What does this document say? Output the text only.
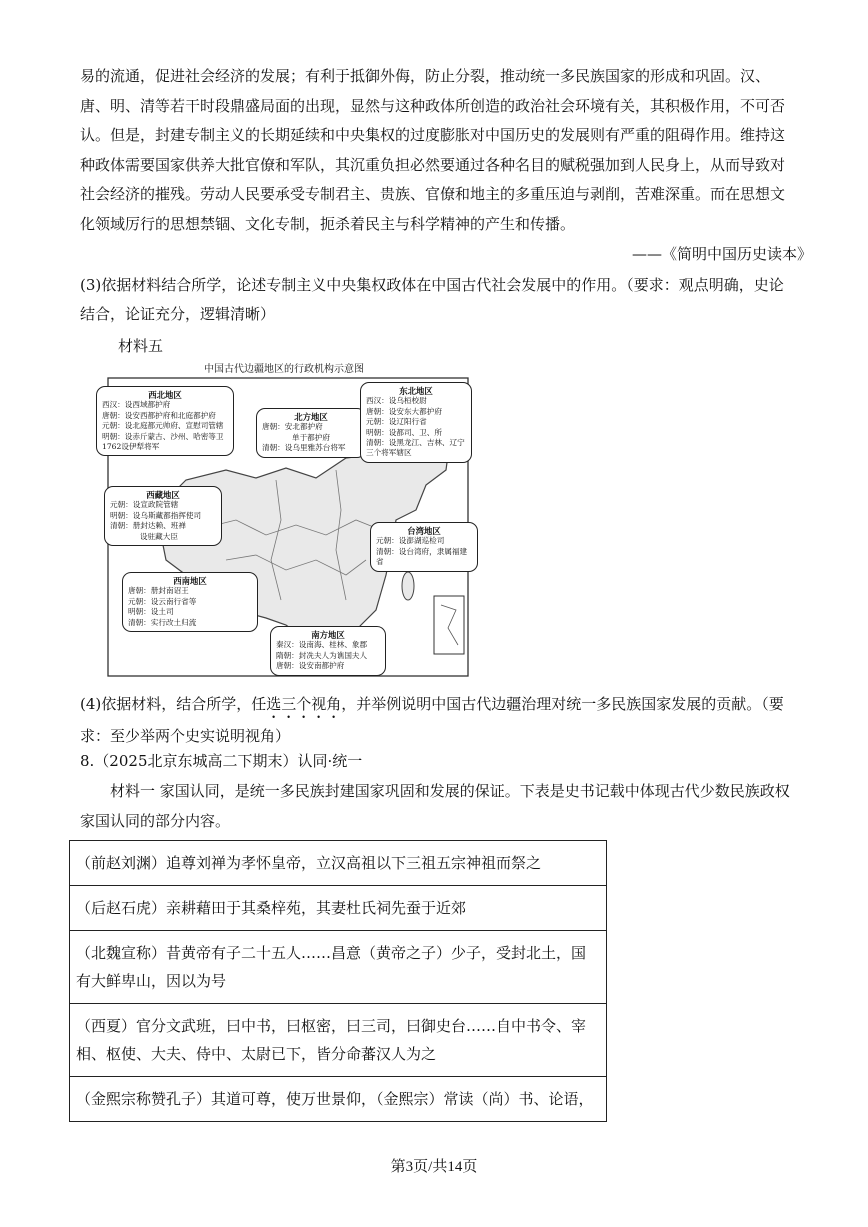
易的流通，促进社会经济的发展；有利于抵御外侮，防止分裂，推动统一多民族国家的形成和巩固。汉、唐、明、清等若干时段鼎盛局面的出现，显然与这种政体所创造的政治社会环境有关，其积极作用，不可否认。但是，封建专制主义的长期延续和中央集权的过度膨胀对中国历史的发展则有严重的阻碍作用。维持这种政体需要国家供养大批官僚和军队，其沉重负担必然要通过各种名目的赋税强加到人民身上，从而导致对社会经济的摧残。劳动人民要承受专制君主、贵族、官僚和地主的多重压迫与剥削，苦难深重。而在思想文化领域厉行的思想禁锢、文化专制，扼杀着民主与科学精神的产生和传播。

——《简明中国历史读本》

(3)依据材料结合所学，论述专制主义中央集权政体在中国古代社会发展中的作用。（要求：观点明确，史论结合，论证充分，逻辑清晰）

材料五
中国古代边疆地区的行政机构示意图
西北地区
西汉：设西域都护府
唐朝：设安西都护府和北庭都护府
元朝：设北庭都元帅府、宣慰司管辖
明朝：设赤斤蒙古、沙州、哈密等卫
1762设伊犁将军
北方地区
唐朝：安北都护府
单于都护府
清朝：设乌里雅苏台将军
东北地区
西汉：设乌桓校尉
唐朝：设安东大都护府
元朝：设辽阳行省
明朝：设都司、卫、所
清朝：设黑龙江、吉林、辽宁三个将军辖区
西藏地区
元朝：设宣政院管辖
明朝：设乌斯藏都指挥使司
清朝：册封达赖、班禅
设驻藏大臣
台湾地区
元朝：设澎湖巡检司
清朝：设台湾府，隶属福建省
西南地区
唐朝：册封南诏王
元朝：设云南行省等
明朝：设土司
清朝：实行改土归流
南方地区
秦汉：设南海、桂林、象郡
隋朝：封冼夫人为谯国夫人
唐朝：设安南都护府

(4)依据材料，结合所学，任选三个视角，并举例说明中国古代边疆治理对统一多民族国家发展的贡献。（要求：至少举两个史实说明视角）

8.（2025北京东城高二下期末）认同·统一

材料一 家国认同，是统一多民族封建国家巩固和发展的保证。下表是史书记载中体现古代少数民族政权家国认同的部分内容。

（前赵刘渊）追尊刘禅为孝怀皇帝，立汉高祖以下三祖五宗神祖而祭之
（后赵石虎）亲耕藉田于其桑梓苑，其妻杜氏祠先蚕于近郊
（北魏宣称）昔黄帝有子二十五人……昌意（黄帝之子）少子，受封北土，国有大鲜卑山，因以为号
（西夏）官分文武班，曰中书，曰枢密，曰三司，曰御史台……自中书令、宰相、枢使、大夫、侍中、太尉已下，皆分命蕃汉人为之
（金熙宗称赞孔子）其道可尊，使万世景仰，（金熙宗）常读（尚）书、论语，
第3页/共14页
